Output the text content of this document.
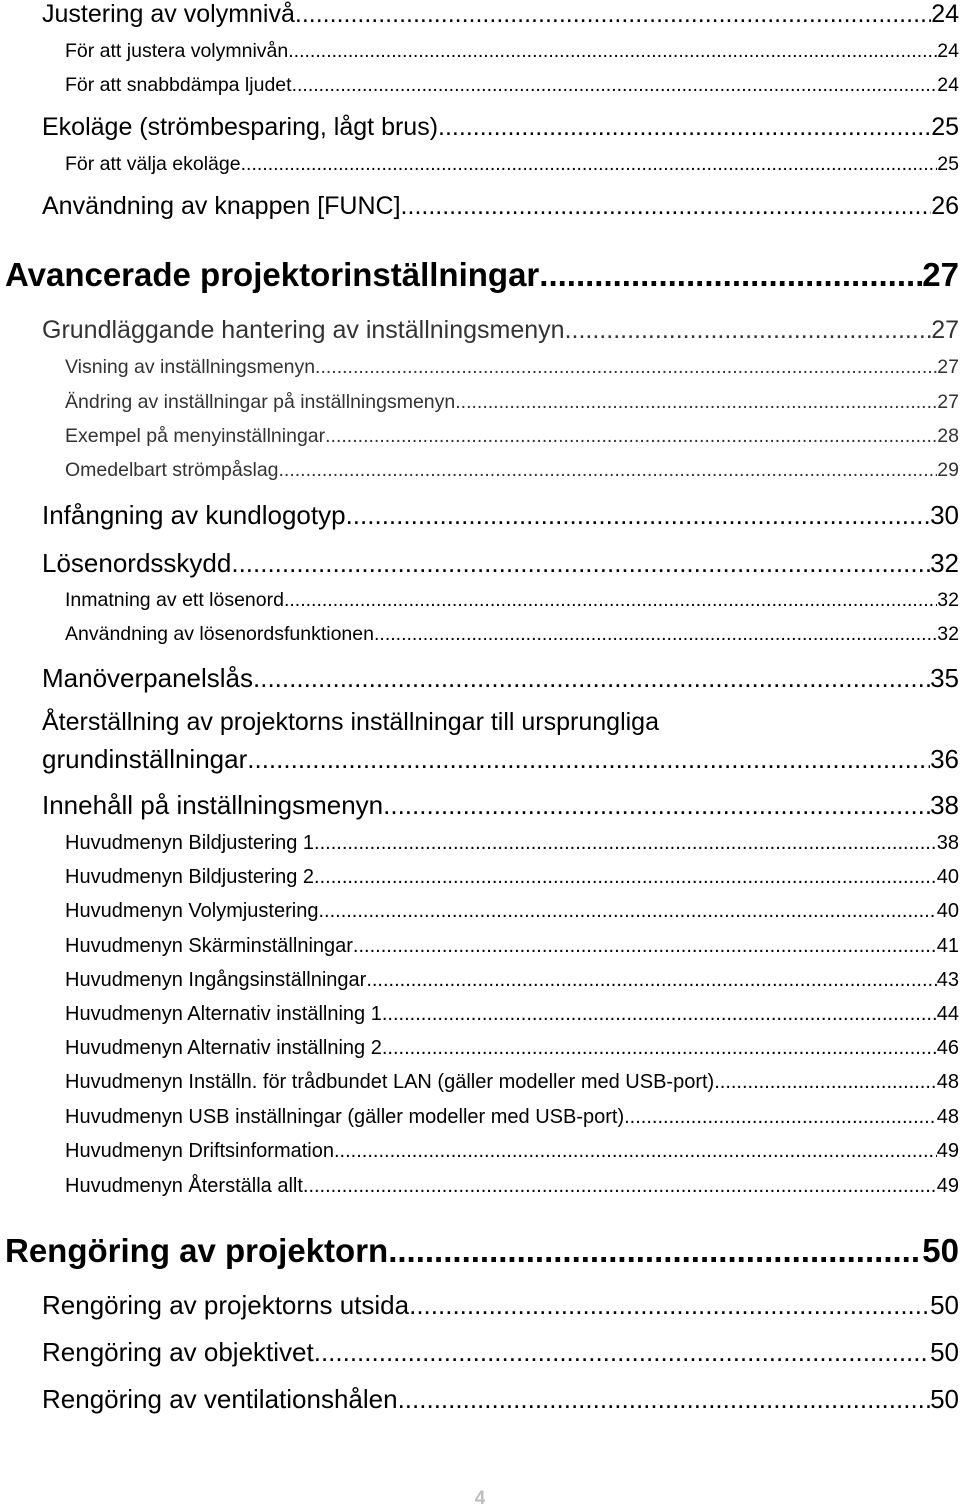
Justering av volymnivå .....	24
För att justera volymnivån .....	24
För att snabbdämpa ljudet .....	24
Ekoläge (strömbesparing, lågt brus) .....	25
För att välja ekoläge .....	25
Användning av knappen [FUNC] .....	26
Avancerade projektorinställningar .....	27
Grundläggande hantering av inställningsmenyn .....	27
Visning av inställningsmenyn .....	27
Ändring av inställningar på inställningsmenyn .....	27
Exempel på menyinställningar .....	28
Omedelbart strömpåslag .....	29
Infångning av kundlogotyp .....	30
Lösenordsskydd .....	32
Inmatning av ett lösenord .....	32
Användning av lösenordsfunktionen .....	32
Manöverpanelslås .....	35
Återställning av projektorns inställningar till ursprungliga
grundinställningar .....	36
Innehåll på inställningsmenyn .....	38
Huvudmenyn Bildjustering 1 .....	38
Huvudmenyn Bildjustering 2 .....	40
Huvudmenyn Volymjustering .....	40
Huvudmenyn Skärminställningar .....	41
Huvudmenyn Ingångsinställningar .....	43
Huvudmenyn Alternativ inställning 1 .....	44
Huvudmenyn Alternativ inställning 2 .....	46
Huvudmenyn Inställn. för trådbundet LAN (gäller modeller med USB-port) .....	48
Huvudmenyn USB inställningar (gäller modeller med USB-port) .....	48
Huvudmenyn Driftsinformation .....	49
Huvudmenyn Återställa allt .....	49
Rengöring av projektorn .....	50
Rengöring av projektorns utsida .....	50
Rengöring av objektivet .....	50
Rengöring av ventilationshålen .....	50
4
